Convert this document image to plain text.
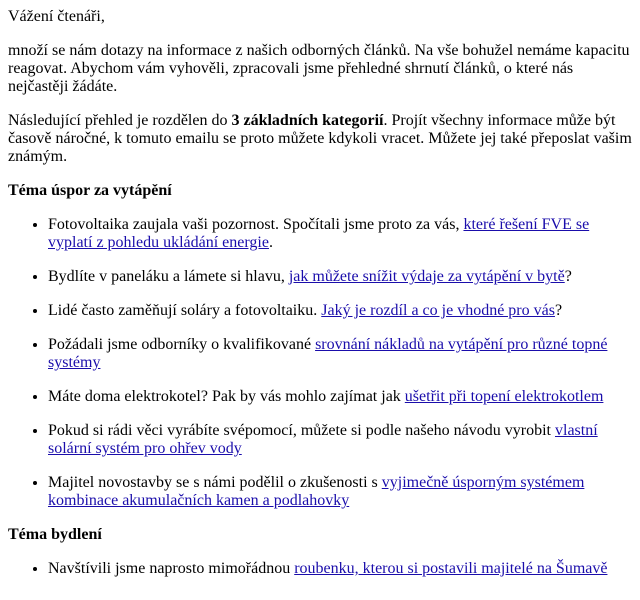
Vážení čtenáři,

množí se nám dotazy na informace z našich odborných článků. Na vše bohužel nemáme kapacitu reagovat. Abychom vám vyhověli, zpracovali jsme přehledné shrnutí článků, o které nás nejčastěji žádáte.

Následující přehled je rozdělen do 3 základních kategorií. Projít všechny informace může být časově náročné, k tomuto emailu se proto můžete kdykoli vracet. Můžete jej také přeposlat vašim známým.

Téma úspor za vytápění
• Fotovoltaika zaujala vaši pozornost. Spočítali jsme proto za vás, které řešení FVE se vyplatí z pohledu ukládání energie.
• Bydlíte v paneláku a lámete si hlavu, jak můžete snížit výdaje za vytápění v bytě?
• Lidé často zaměňují soláry a fotovoltaiku. Jaký je rozdíl a co je vhodné pro vás?
• Požádali jsme odborníky o kvalifikované srovnání nákladů na vytápění pro různé topné systémy
• Máte doma elektrokotel? Pak by vás mohlo zajímat jak ušetřit při topení elektrokotlem
• Pokud si rádi věci vyrábíte svépomocí, můžete si podle našeho návodu vyrobit vlastní solární systém pro ohřev vody
• Majitel novostavby se s námi podělil o zkušenosti s vyjimečně úsporným systémem kombinace akumulačních kamen a podlahovky
Téma bydlení
• Navštívili jsme naprosto mimořádnou roubenku, kterou si postavili majitelé na Šumavě
